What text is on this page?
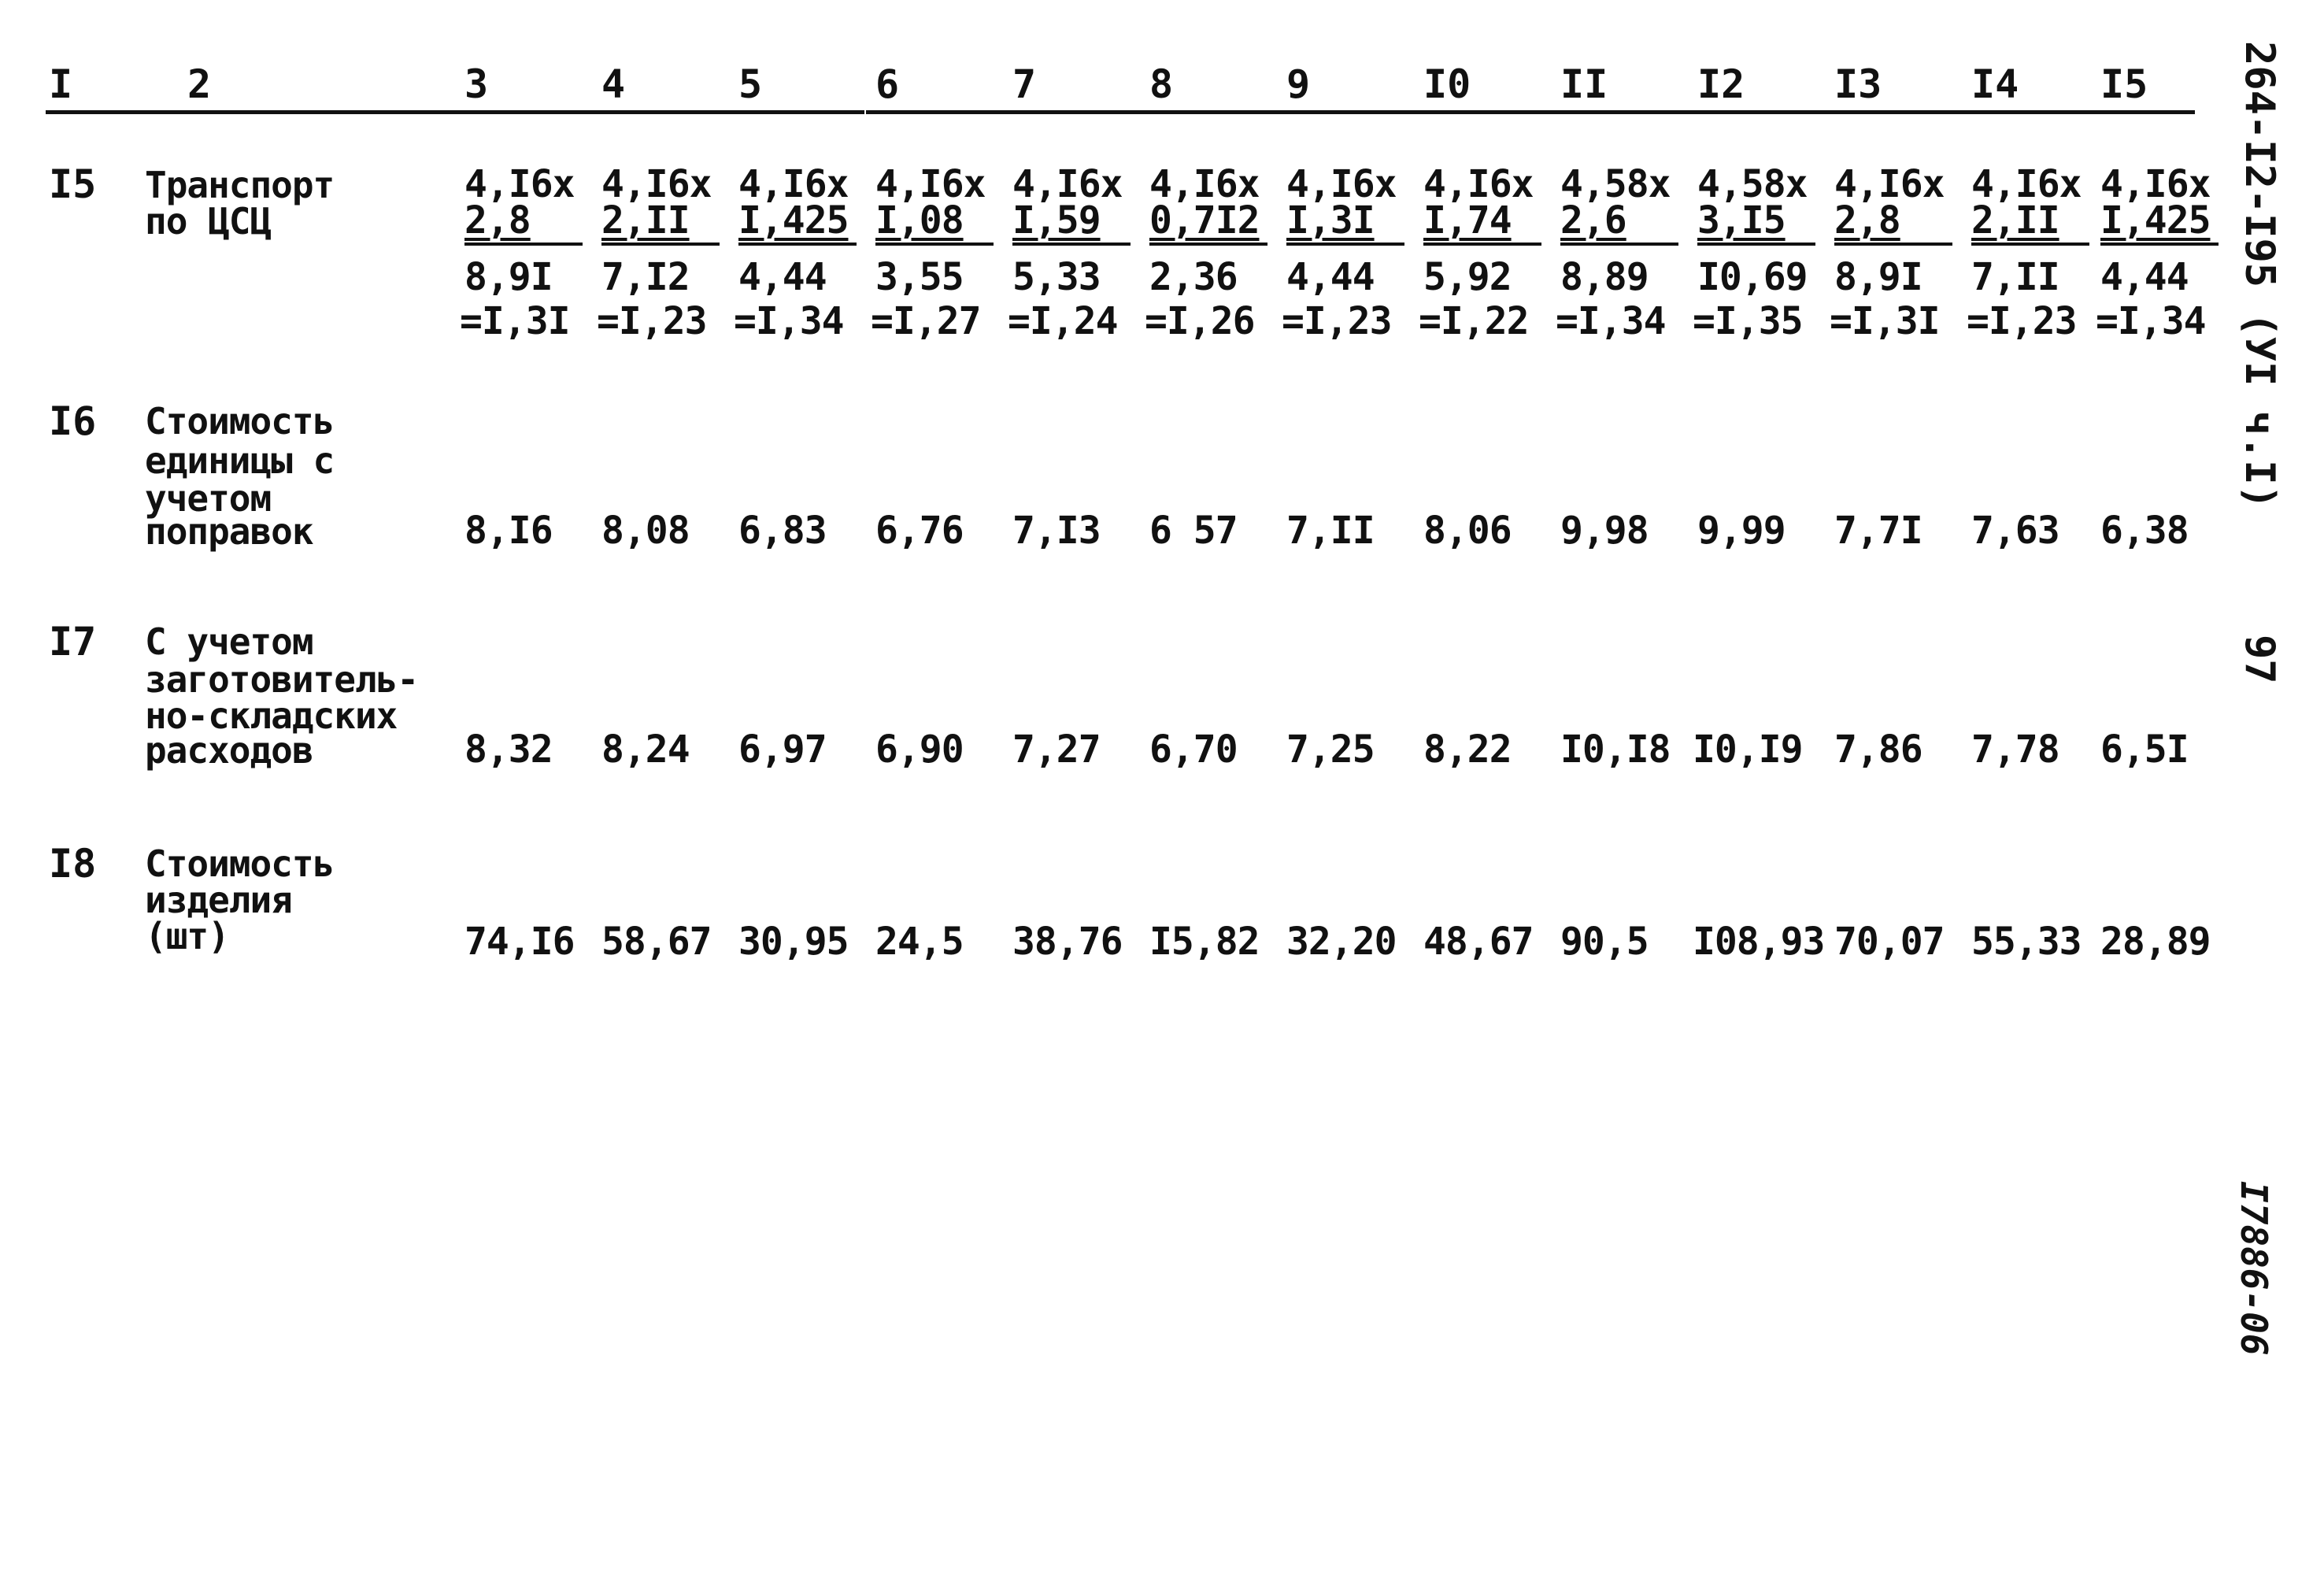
I	2	3	4	5	6	7	8	9	I0 II I2 I3 I4 I5
I5 Транспорт
по ЦСЦ
4,I6x 4,I6x 4,I6x 4,I6x 4,I6x 4,I6x 4,I6x 4,I6x 4,58x 4,58x 4,I6x 4,I6x 4,I6x
2,8 2,II I,425 I,08 I,59 0,7I2 I,3I I,74 2,6 3,I5 2,8 2,II I,425
8,9I 7,I2 4,44 3,55 5,33 2,36 4,44 5,92 8,89 I0,69 8,9I 7,II 4,44
=I,3I =I,23 =I,34 =I,27 =I,24 =I,26 =I,23 =I,22 =I,34 =I,35 =I,3I =I,23 =I,34
I6 Стоимость
единицы с
учетом
поправок	8,I6 8,08 6,83 6,76 7,I3 6 57 7,II 8,06 9,98 9,99 7,7I 7,63 6,38
I7 С учетом
заготовитель-
но-складских
расходов	8,32 8,24 6,97 6,90 7,27 6,70 7,25 8,22 I0,I8 I0,I9 7,86 7,78 6,5I
I8 Стоимость
изделия
(шт)	74,I6 58,67 30,95 24,5 38,76 I5,82 32,20 48,67 90,5 I08,93 70,07 55,33 28,89
264-I2-I95 (УI ч.I)
97
I7886-06
